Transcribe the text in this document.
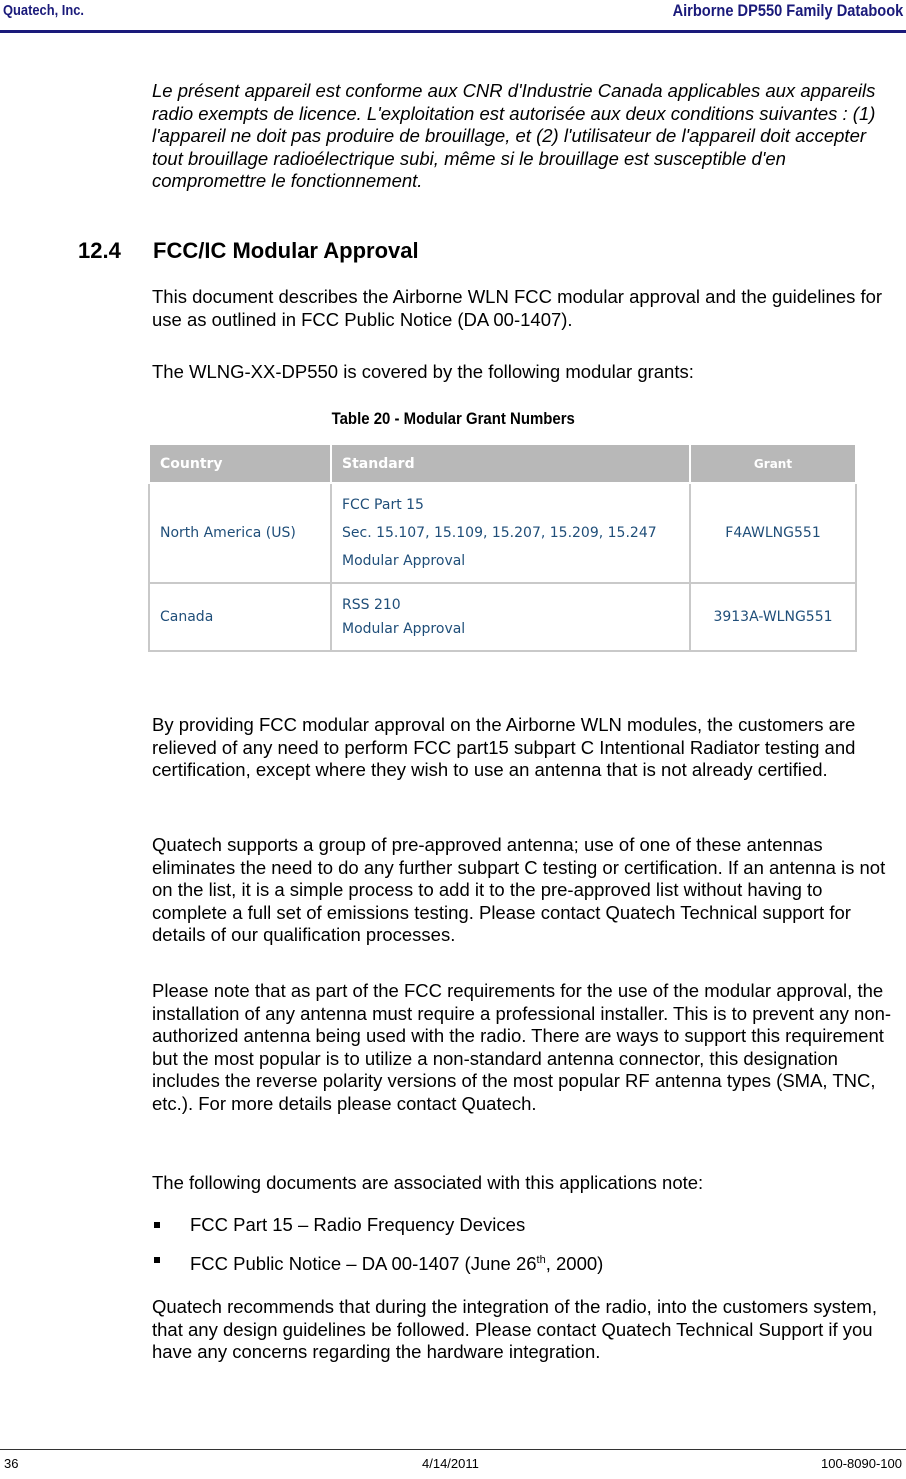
Quatech, Inc.	Airborne DP550 Family Databook

Le présent appareil est conforme aux CNR d'Industrie Canada applicables aux appareils radio exempts de licence. L'exploitation est autorisée aux deux conditions suivantes : (1) l'appareil ne doit pas produire de brouillage, et (2) l'utilisateur de l'appareil doit accepter tout brouillage radioélectrique subi, même si le brouillage est susceptible d'en compromettre le fonctionnement.

12.4 FCC/IC Modular Approval

This document describes the Airborne WLN FCC modular approval and the guidelines for use as outlined in FCC Public Notice (DA 00-1407).

The WLNG-XX-DP550 is covered by the following modular grants:

Table 20 - Modular Grant Numbers
Country	Standard	Grant
North America (US)	FCC Part 15
Sec. 15.107, 15.109, 15.207, 15.209, 15.247
Modular Approval	F4AWLNG551
Canada	RSS 210
Modular Approval	3913A-WLNG551

By providing FCC modular approval on the Airborne WLN modules, the customers are relieved of any need to perform FCC part15 subpart C Intentional Radiator testing and certification, except where they wish to use an antenna that is not already certified.

Quatech supports a group of pre-approved antenna; use of one of these antennas eliminates the need to do any further subpart C testing or certification. If an antenna is not on the list, it is a simple process to add it to the pre-approved list without having to complete a full set of emissions testing. Please contact Quatech Technical support for details of our qualification processes.

Please note that as part of the FCC requirements for the use of the modular approval, the installation of any antenna must require a professional installer. This is to prevent any non-authorized antenna being used with the radio. There are ways to support this requirement but the most popular is to utilize a non-standard antenna connector, this designation includes the reverse polarity versions of the most popular RF antenna types (SMA, TNC, etc.). For more details please contact Quatech.

The following documents are associated with this applications note:

FCC Part 15 – Radio Frequency Devices
FCC Public Notice – DA 00-1407 (June 26th, 2000)

Quatech recommends that during the integration of the radio, into the customers system, that any design guidelines be followed. Please contact Quatech Technical Support if you have any concerns regarding the hardware integration.

36	4/14/2011	100-8090-100
